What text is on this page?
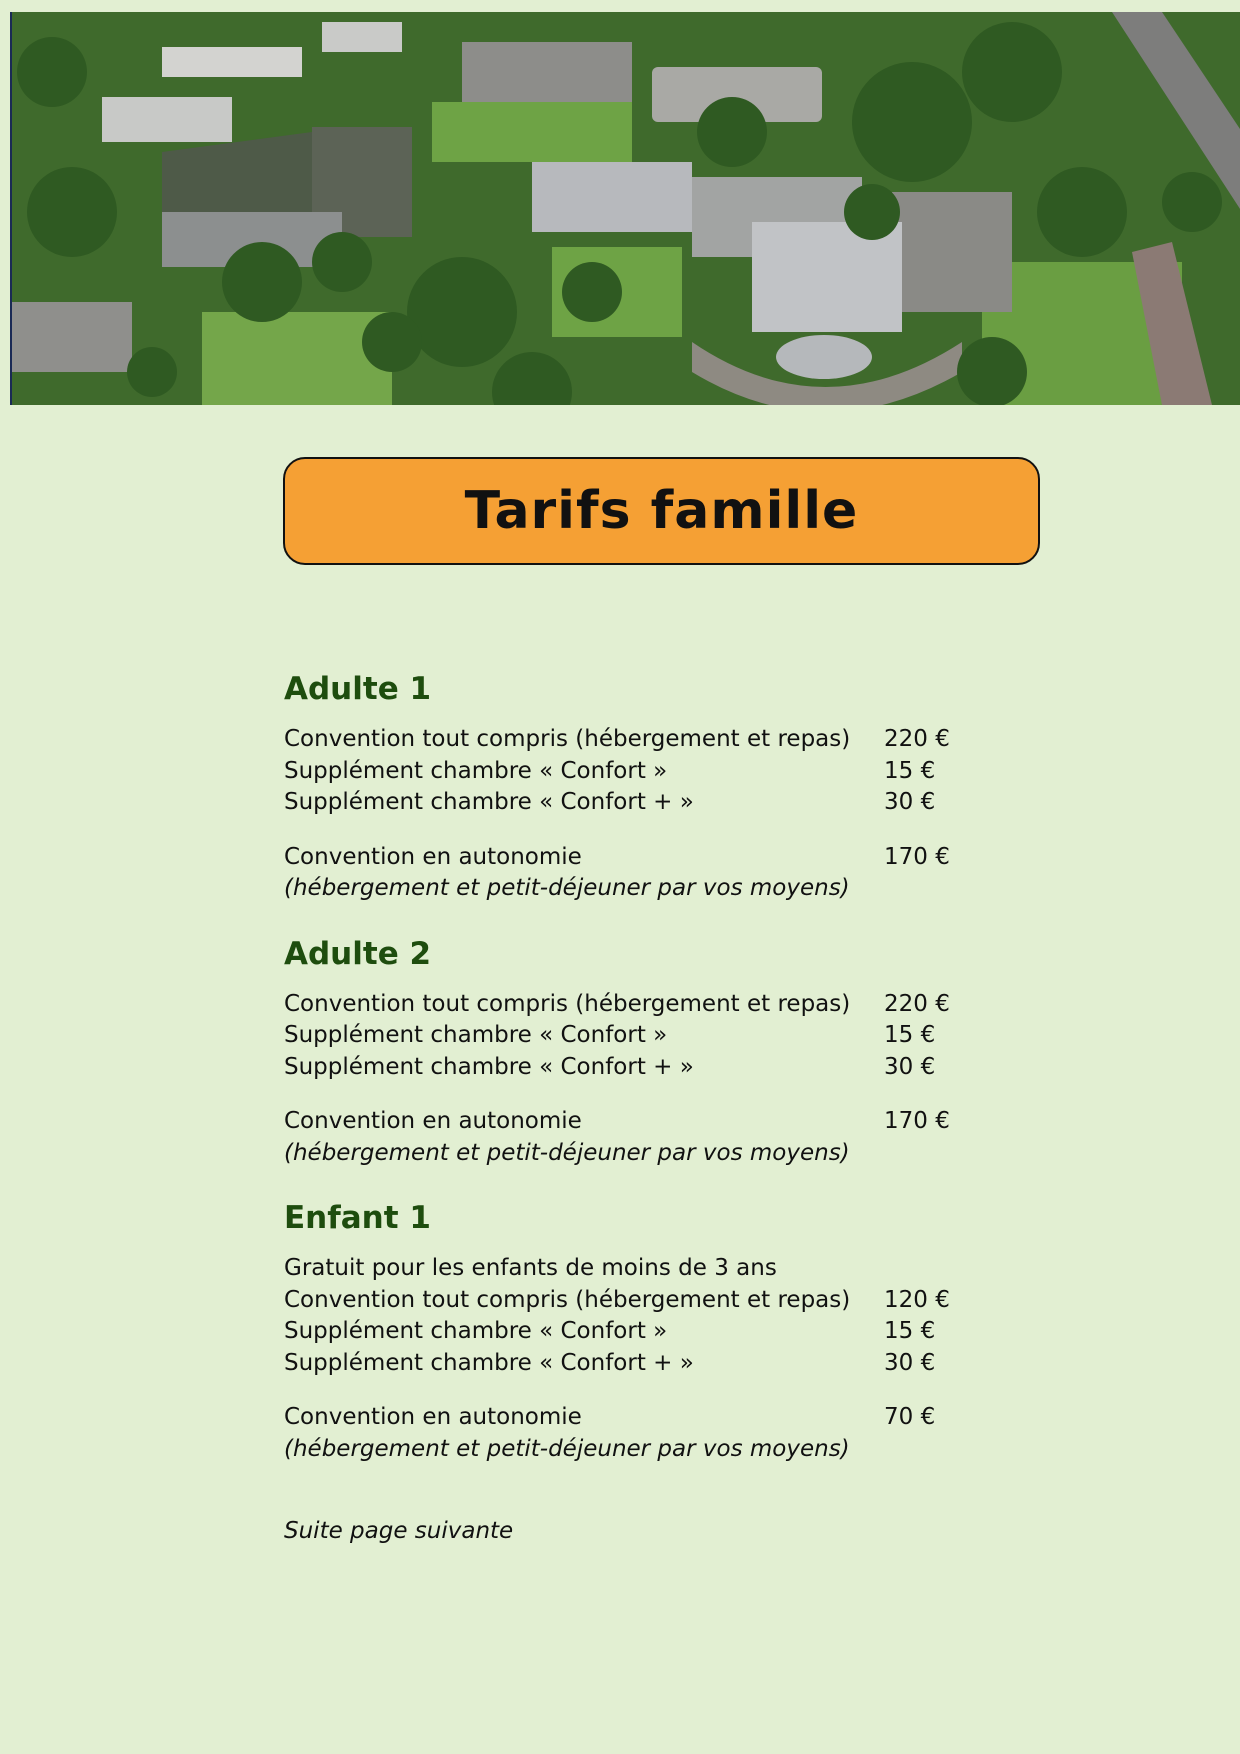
Tarifs famille
Adulte 1
Convention tout compris (hébergement et repas)	220 €
Supplément chambre « Confort »	15 €
Supplément chambre « Confort + »	30 €
Convention en autonomie	170 €
(hébergement et petit-déjeuner par vos moyens)
Adulte 2
Convention tout compris (hébergement et repas)	220 €
Supplément chambre « Confort »	15 €
Supplément chambre « Confort + »	30 €
Convention en autonomie	170 €
(hébergement et petit-déjeuner par vos moyens)
Enfant 1
Gratuit pour les enfants de moins de 3 ans
Convention tout compris (hébergement et repas)	120 €
Supplément chambre « Confort »	15 €
Supplément chambre « Confort + »	30 €
Convention en autonomie	70 €
(hébergement et petit-déjeuner par vos moyens)
Suite page suivante
